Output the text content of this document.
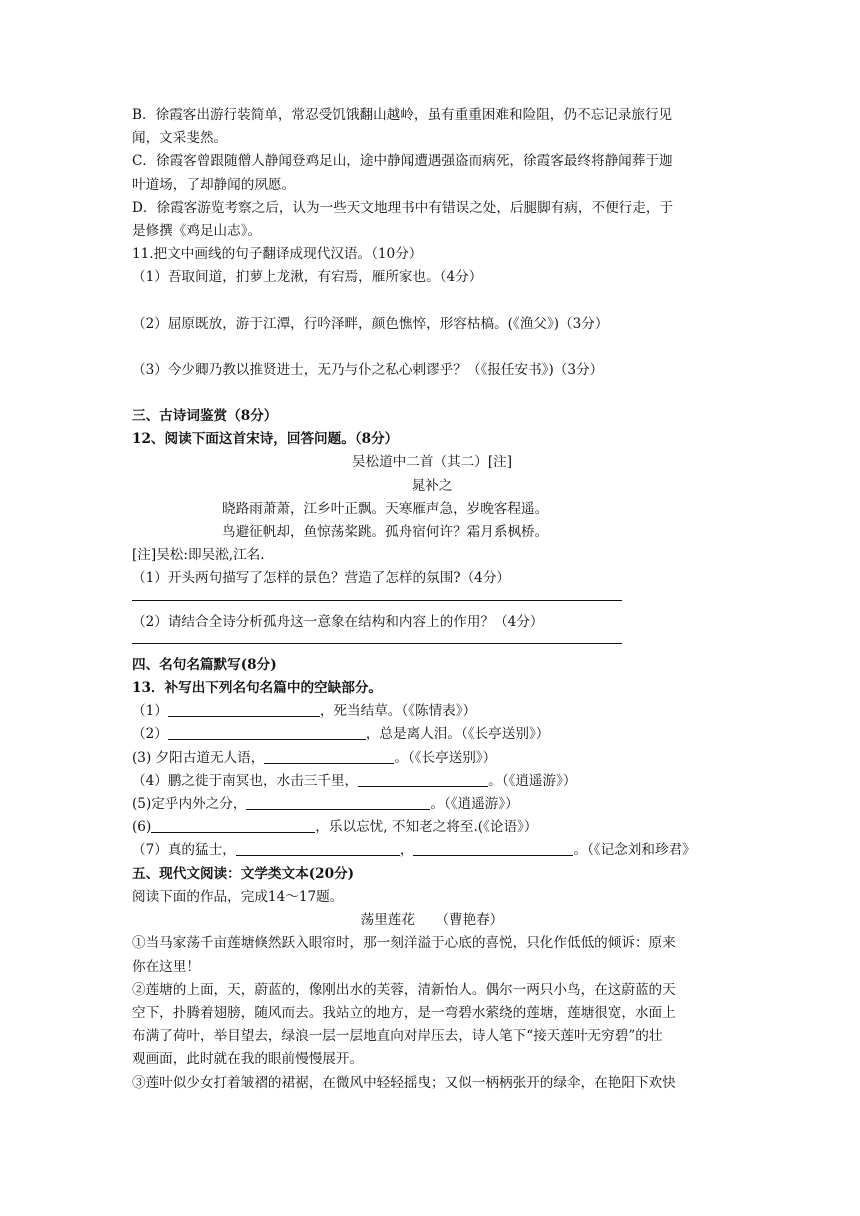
B．徐霞客出游行装简单，常忍受饥饿翻山越岭，虽有重重困难和险阻，仍不忘记录旅行见
闻，文采斐然。
C．徐霞客曾跟随僧人静闻登鸡足山，途中静闻遭遇强盗而病死，徐霞客最终将静闻葬于迦
叶道场，了却静闻的夙愿。
D．徐霞客游览考察之后，认为一些天文地理书中有错误之处，后腿脚有病，不便行走，于
是修撰《鸡足山志》。
11.把文中画线的句子翻译成现代汉语。（10分）
（1）吾取间道，扪萝上龙湫，有宕焉，雁所家也。（4分）
（2）屈原既放，游于江潭，行吟泽畔，颜色憔悴，形容枯槁。(《渔父》)（3分）
（3）今少卿乃教以推贤进士，无乃与仆之私心剌谬乎？（《报任安书》)（3分）
三、古诗词鉴赏（8分）
12、阅读下面这首宋诗，回答问题。（8分）
吴松道中二首（其二）[注]
晁补之
晓路雨萧萧，江乡叶正飘。天寒雁声急，岁晚客程遥。
鸟避征帆却，鱼惊荡桨跳。孤舟宿何许？霜月系枫桥。
[注]吴松:即吴淞,江名.
（1）开头两句描写了怎样的景色？营造了怎样的氛围?（4分）
（2）请结合全诗分析孤舟这一意象在结构和内容上的作用？（4分）
四、名句名篇默写(8分)
13．补写出下列名句名篇中的空缺部分。
（1）	，死当结草。（《陈情表》）
（2）	，总是离人泪。（《长亭送别》）
(3) 夕阳古道无人语，	。（《长亭送别》）
（4）鹏之徙于南冥也，水击三千里，	。（《逍遥游》）
(5)定乎内外之分，	。（《逍遥游》）
(6)	，乐以忘忧, 不知老之将至.(《论语》）
（7）真的猛士，	，	。（《记念刘和珍君》
五、现代文阅读：文学类文本(20分)
阅读下面的作品，完成14～17题。
荡里莲花　　（曹艳春）
①当马家荡千亩莲塘倏然跃入眼帘时，那一刻洋溢于心底的喜悦，只化作低低的倾诉：原来
你在这里！
②莲塘的上面，天，蔚蓝的，像刚出水的芙蓉，清新怡人。偶尔一两只小鸟，在这蔚蓝的天
空下，扑腾着翅膀，随风而去。我站立的地方，是一弯碧水萦绕的莲塘，莲塘很宽，水面上
布满了荷叶，举目望去，绿浪一层一层地直向对岸压去，诗人笔下“接天莲叶无穷碧”的壮
观画面，此时就在我的眼前慢慢展开。
③莲叶似少女打着皱褶的裙裾，在微风中轻轻摇曳；又似一柄柄张开的绿伞，在艳阳下欢快
